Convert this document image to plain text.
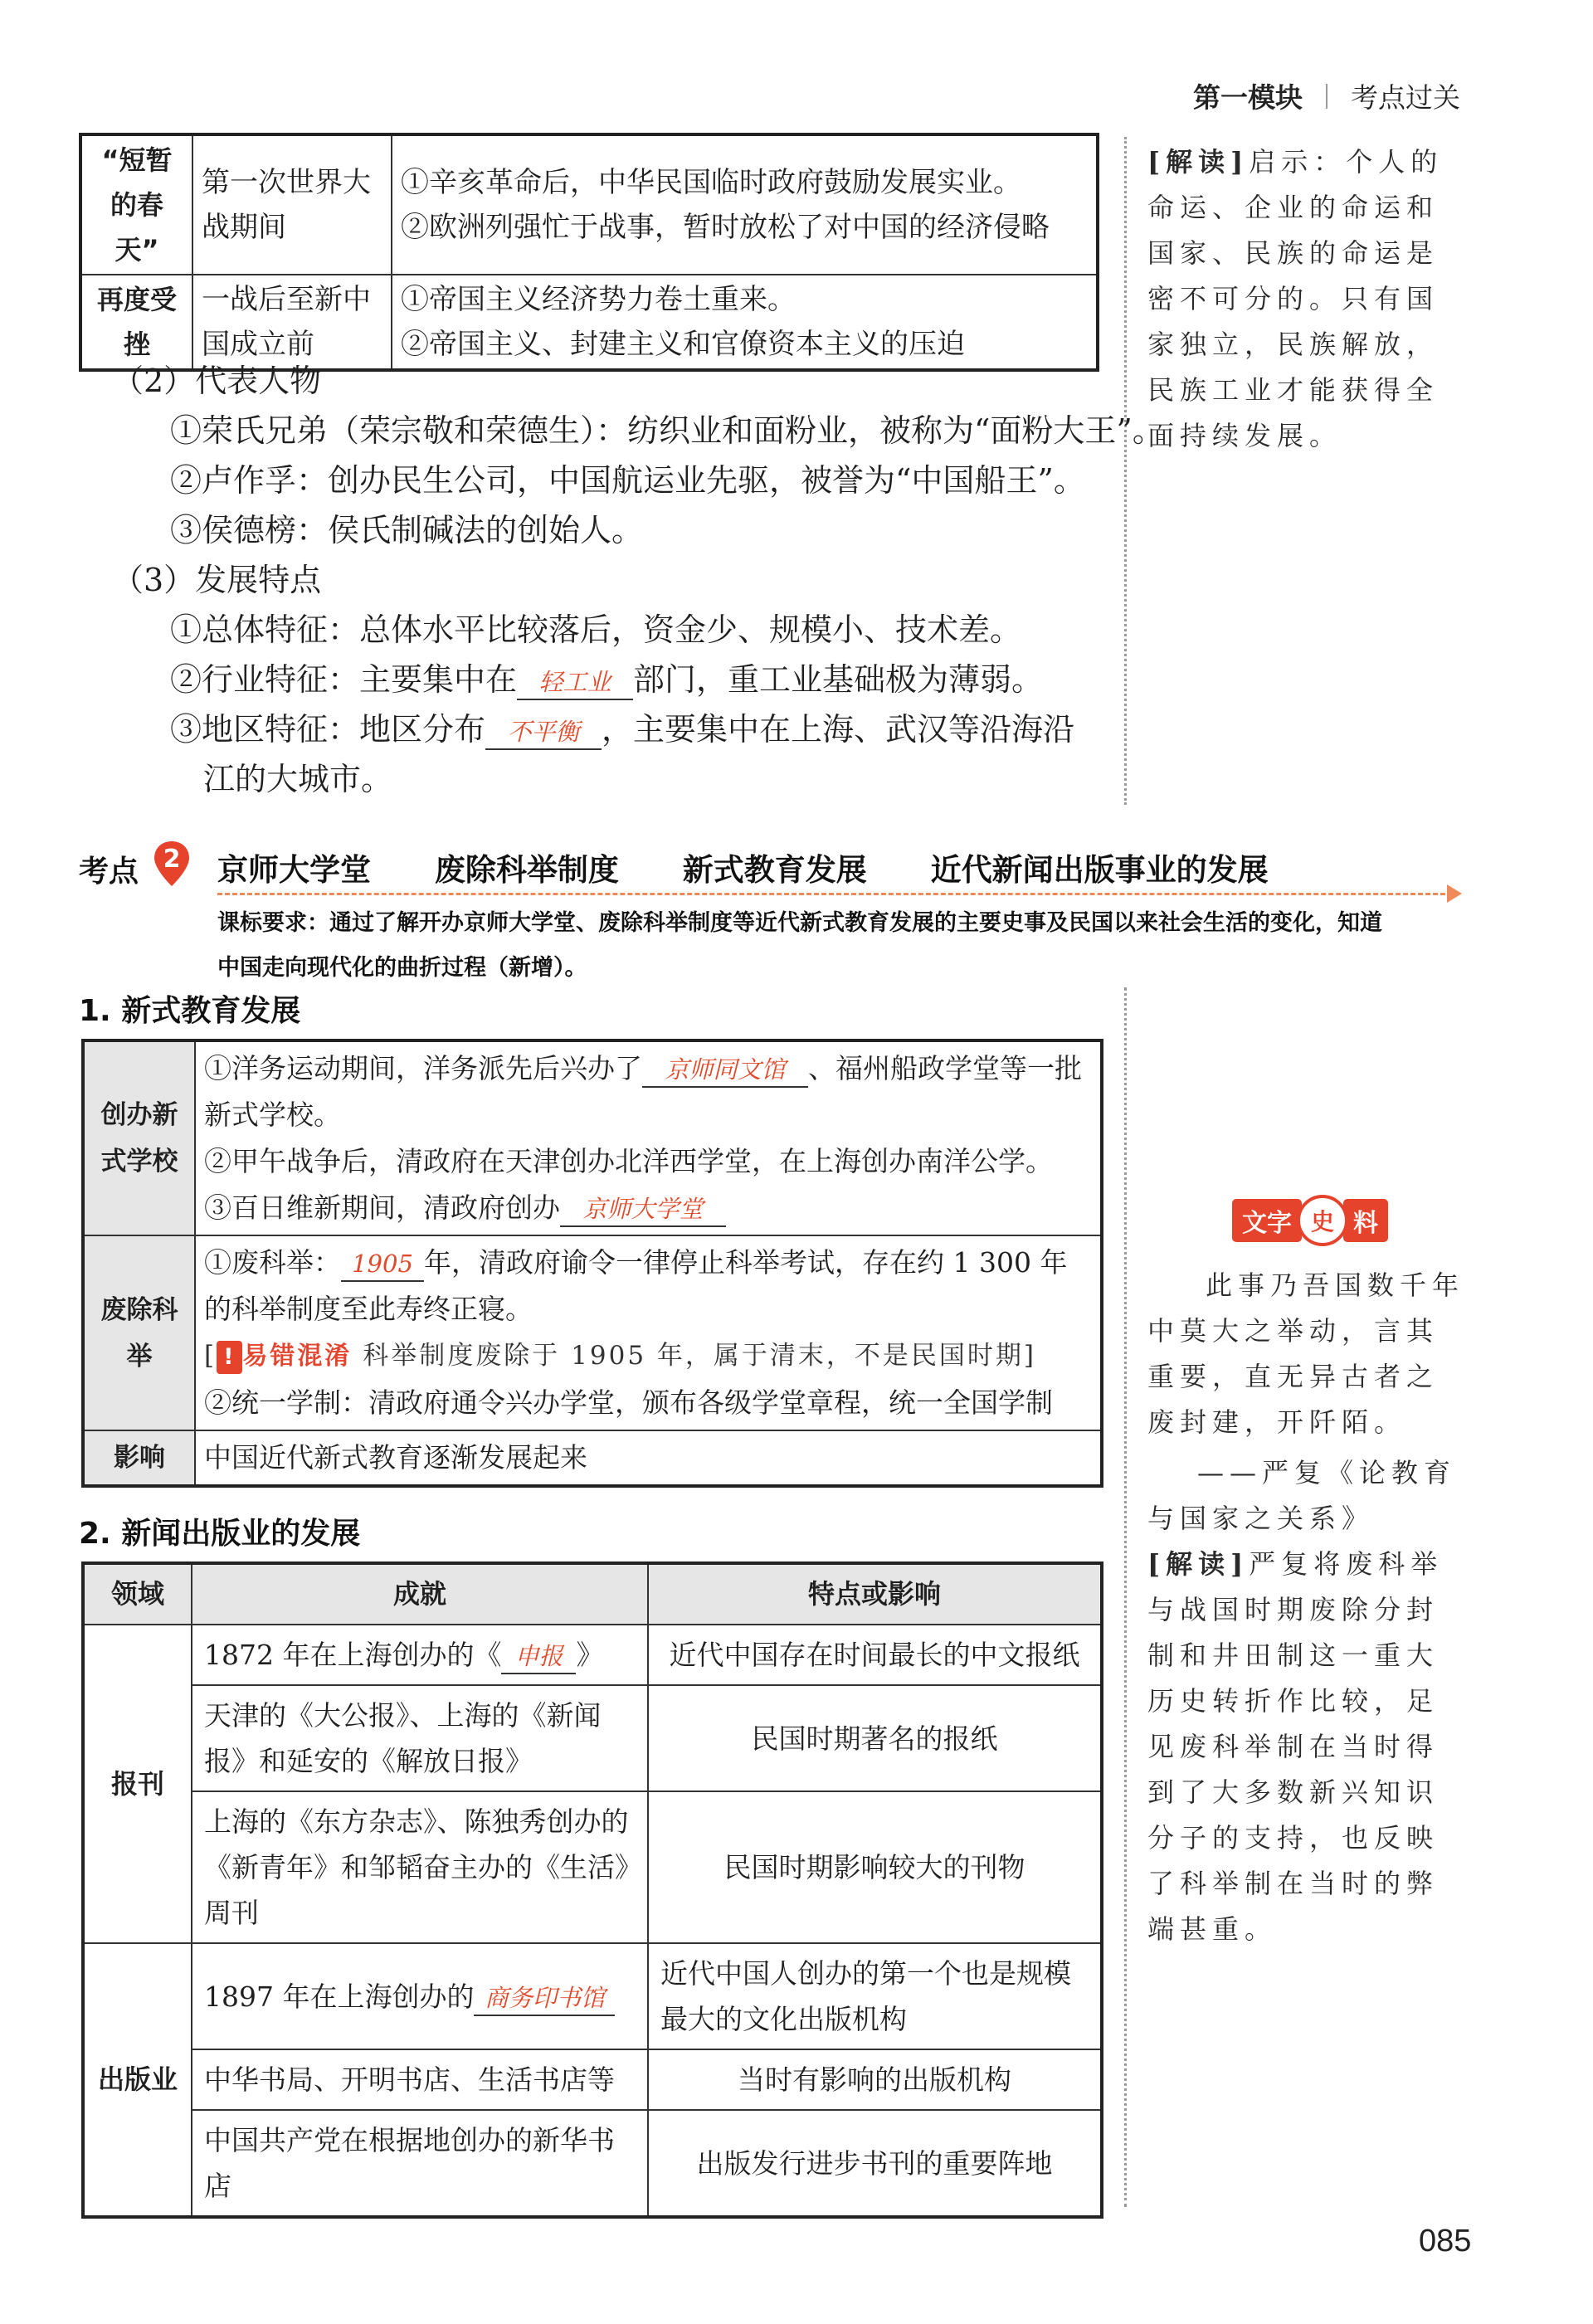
第一模块 考点过关
“短暂的春天”	第一次世界大战期间	①辛亥革命后，中华民国临时政府鼓励发展实业。
②欧洲列强忙于战事，暂时放松了对中国的经济侵略

再度受挫	一战后至新中国成立前	①帝国主义经济势力卷土重来。
②帝国主义、封建主义和官僚资本主义的压迫
（2）代表人物
①荣氏兄弟（荣宗敬和荣德生）：纺织业和面粉业，被称为“面粉大王”。
②卢作孚：创办民生公司，中国航运业先驱，被誉为“中国船王”。
③侯德榜：侯氏制碱法的创始人。
（3）发展特点
①总体特征：总体水平比较落后，资金少、规模小、技术差。
②行业特征：主要集中在 轻工业 部门，重工业基础极为薄弱。
③地区特征：地区分布 不平衡 ，主要集中在上海、武汉等沿海沿
江的大城市。
[解读]启示：个人的命运、企业的命运和国家、民族的命运是密不可分的。只有国家独立，民族解放，民族工业才能获得全面持续发展。
考点 2	京师大学堂 废除科举制度 新式教育发展 近代新闻出版事业的发展
课标要求：通过了解开办京师大学堂、废除科举制度等近代新式教育发展的主要史事及民国以来社会生活的变化，知道中国走向现代化的曲折过程（新增）。
1. 新式教育发展
创办新式学校	①洋务运动期间，洋务派先后兴办了 京师同文馆 、福州船政学堂等一批新式学校。
②甲午战争后，清政府在天津创办北洋西学堂，在上海创办南洋公学。
③百日维新期间，清政府创办 京师大学堂

废除科举	①废科举： 1905 年，清政府谕令一律停止科举考试，存在约 1 300 年的科举制度至此寿终正寝。
[ ! 易错混淆 科举制度废除于 1905 年，属于清末，不是民国时期]
②统一学制：清政府通令兴办学堂，颁布各级学堂章程，统一全国学制

影响	中国近代新式教育逐渐发展起来
2. 新闻出版业的发展
领域	成就	特点或影响
报刊	1872 年在上海创办的《 申报 》	近代中国存在时间最长的中文报纸
	天津的《大公报》、上海的《新闻报》和延安的《解放日报》	民国时期著名的报纸
	上海的《东方杂志》、陈独秀创办的《新青年》和邹韬奋主办的《生活》周刊	民国时期影响较大的刊物
出版业	1897 年在上海创办的 商务印书馆	近代中国人创办的第一个也是规模最大的文化出版机构
	中华书局、开明书店、生活书店等	当时有影响的出版机构
	中国共产党在根据地创办的新华书店	出版发行进步书刊的重要阵地
文字 史 料
此事乃吾国数千年中莫大之举动，言其重要，直无异古者之废封建，开阡陌。
——严复《论教育与国家之关系》
[解读]严复将废科举与战国时期废除分封制和井田制这一重大历史转折作比较，足见废科举制在当时得到了大多数新兴知识分子的支持，也反映了科举制在当时的弊端甚重。
085
